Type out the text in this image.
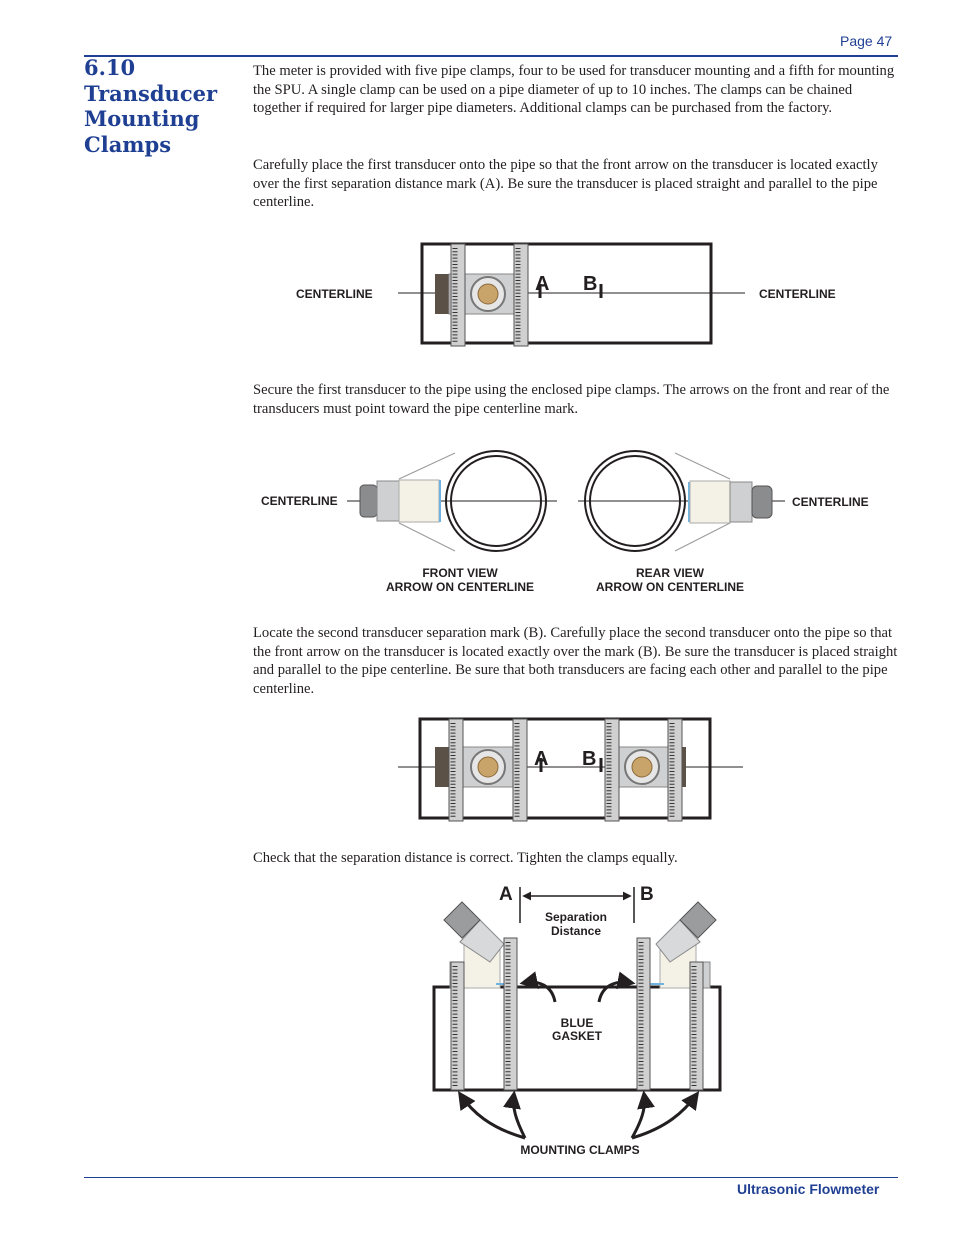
Page 47
6.10 Transducer Mounting Clamps
The meter is provided with five pipe clamps, four to be used for transducer mounting and a fifth for mounting the SPU. A single clamp can be used on a pipe diameter of up to 10 inches. The clamps can be chained together if required for larger pipe diameters. Additional clamps can be purchased from the factory.
Carefully place the first transducer onto the pipe so that the front arrow on the transducer is located exactly over the first separation distance mark (A). Be sure the transducer is placed straight and parallel to the pipe centerline.
Secure the first transducer to the pipe using the enclosed pipe clamps. The arrows on the front and rear of the transducers must point toward the pipe centerline mark.
Locate the second transducer separation mark (B). Carefully place the second transducer onto the pipe so that the front arrow on the transducer is located exactly over the mark (B). Be sure the transducer is placed straight and parallel to the pipe centerline. Be sure that both transducers are facing each other and parallel to the pipe centerline.
Check that the separation distance is correct. Tighten the clamps equally.
CENTERLINE	CENTERLINE
A B
CENTERLINE	CENTERLINE
FRONT VIEW
ARROW ON CENTERLINE
REAR VIEW
ARROW ON CENTERLINE
A B
A	B
Separation
Distance
BLUE
GASKET
MOUNTING CLAMPS
Ultrasonic Flowmeter
